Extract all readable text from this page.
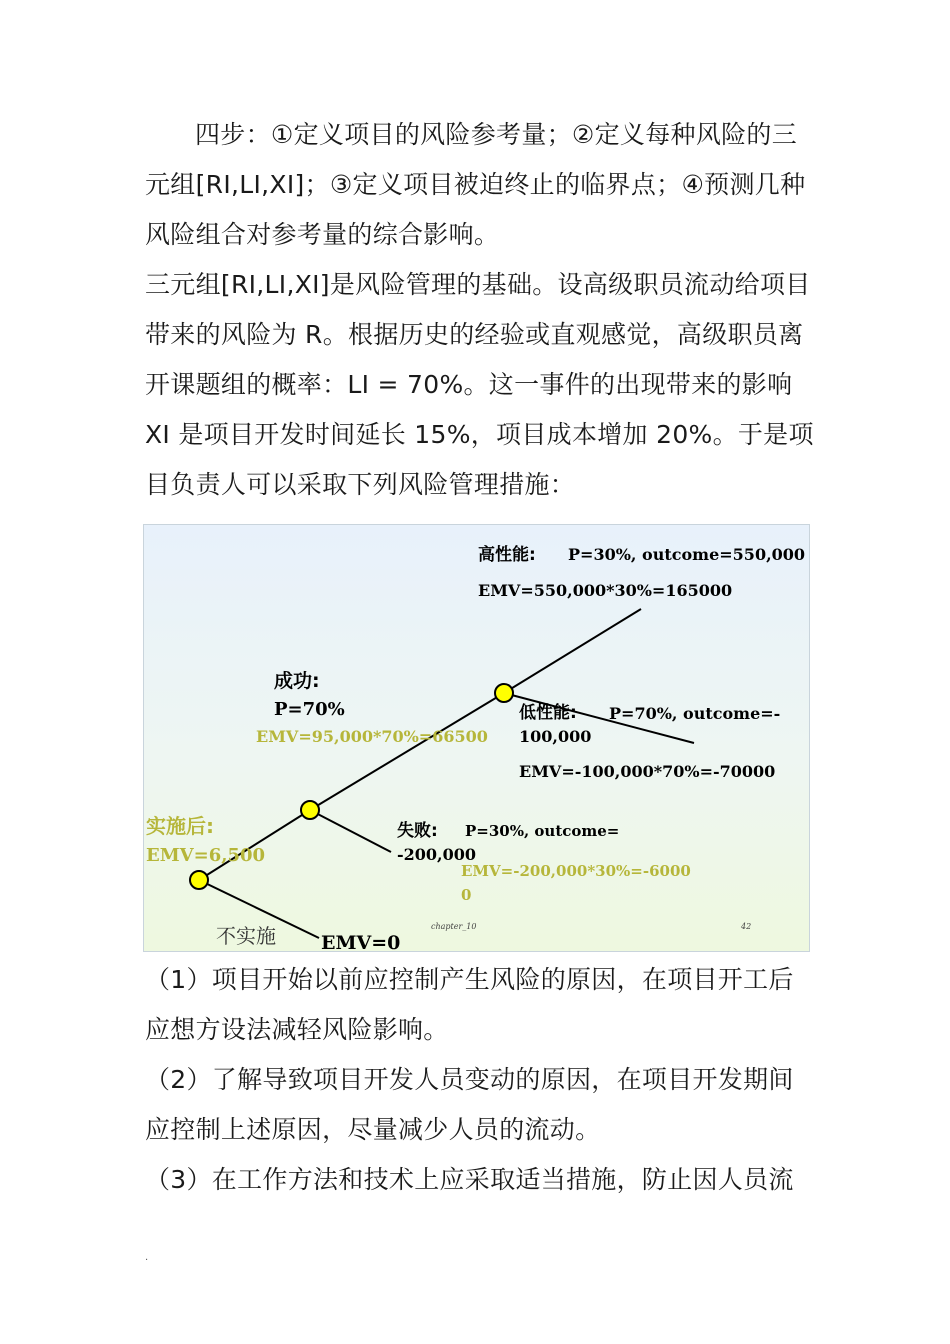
四步：①定义项目的风险参考量；②定义每种风险的三元组[RI,LI,XI]；③定义项目被迫终止的临界点；④预测几种风险组合对参考量的综合影响。

三元组[RI,LI,XI]是风险管理的基础。设高级职员流动给项目带来的风险为 R。根据历史的经验或直观感觉，高级职员离开课题组的概率：LI = 70%。这一事件的出现带来的影响 XI 是项目开发时间延长 15%，项目成本增加 20%。于是项目负责人可以采取下列风险管理措施：

高性能: P=30%, outcome=550,000
EMV=550,000*30%=165000
成功:
P=70%
EMV=95,000*70%=66500
低性能: P=70%, outcome=-
100,000
EMV=-100,000*70%=-70000
实施后:
EMV=6,500
失败: P=30%, outcome=
-200,000
EMV=-200,000*30%=-6000
0
不实施 EMV=0
chapter_10	42

（1）项目开始以前应控制产生风险的原因，在项目开工后应想方设法减轻风险影响。

（2）了解导致项目开发人员变动的原因，在项目开发期间应控制上述原因，尽量减少人员的流动。

（3）在工作方法和技术上应采取适当措施，防止因人员流

.
